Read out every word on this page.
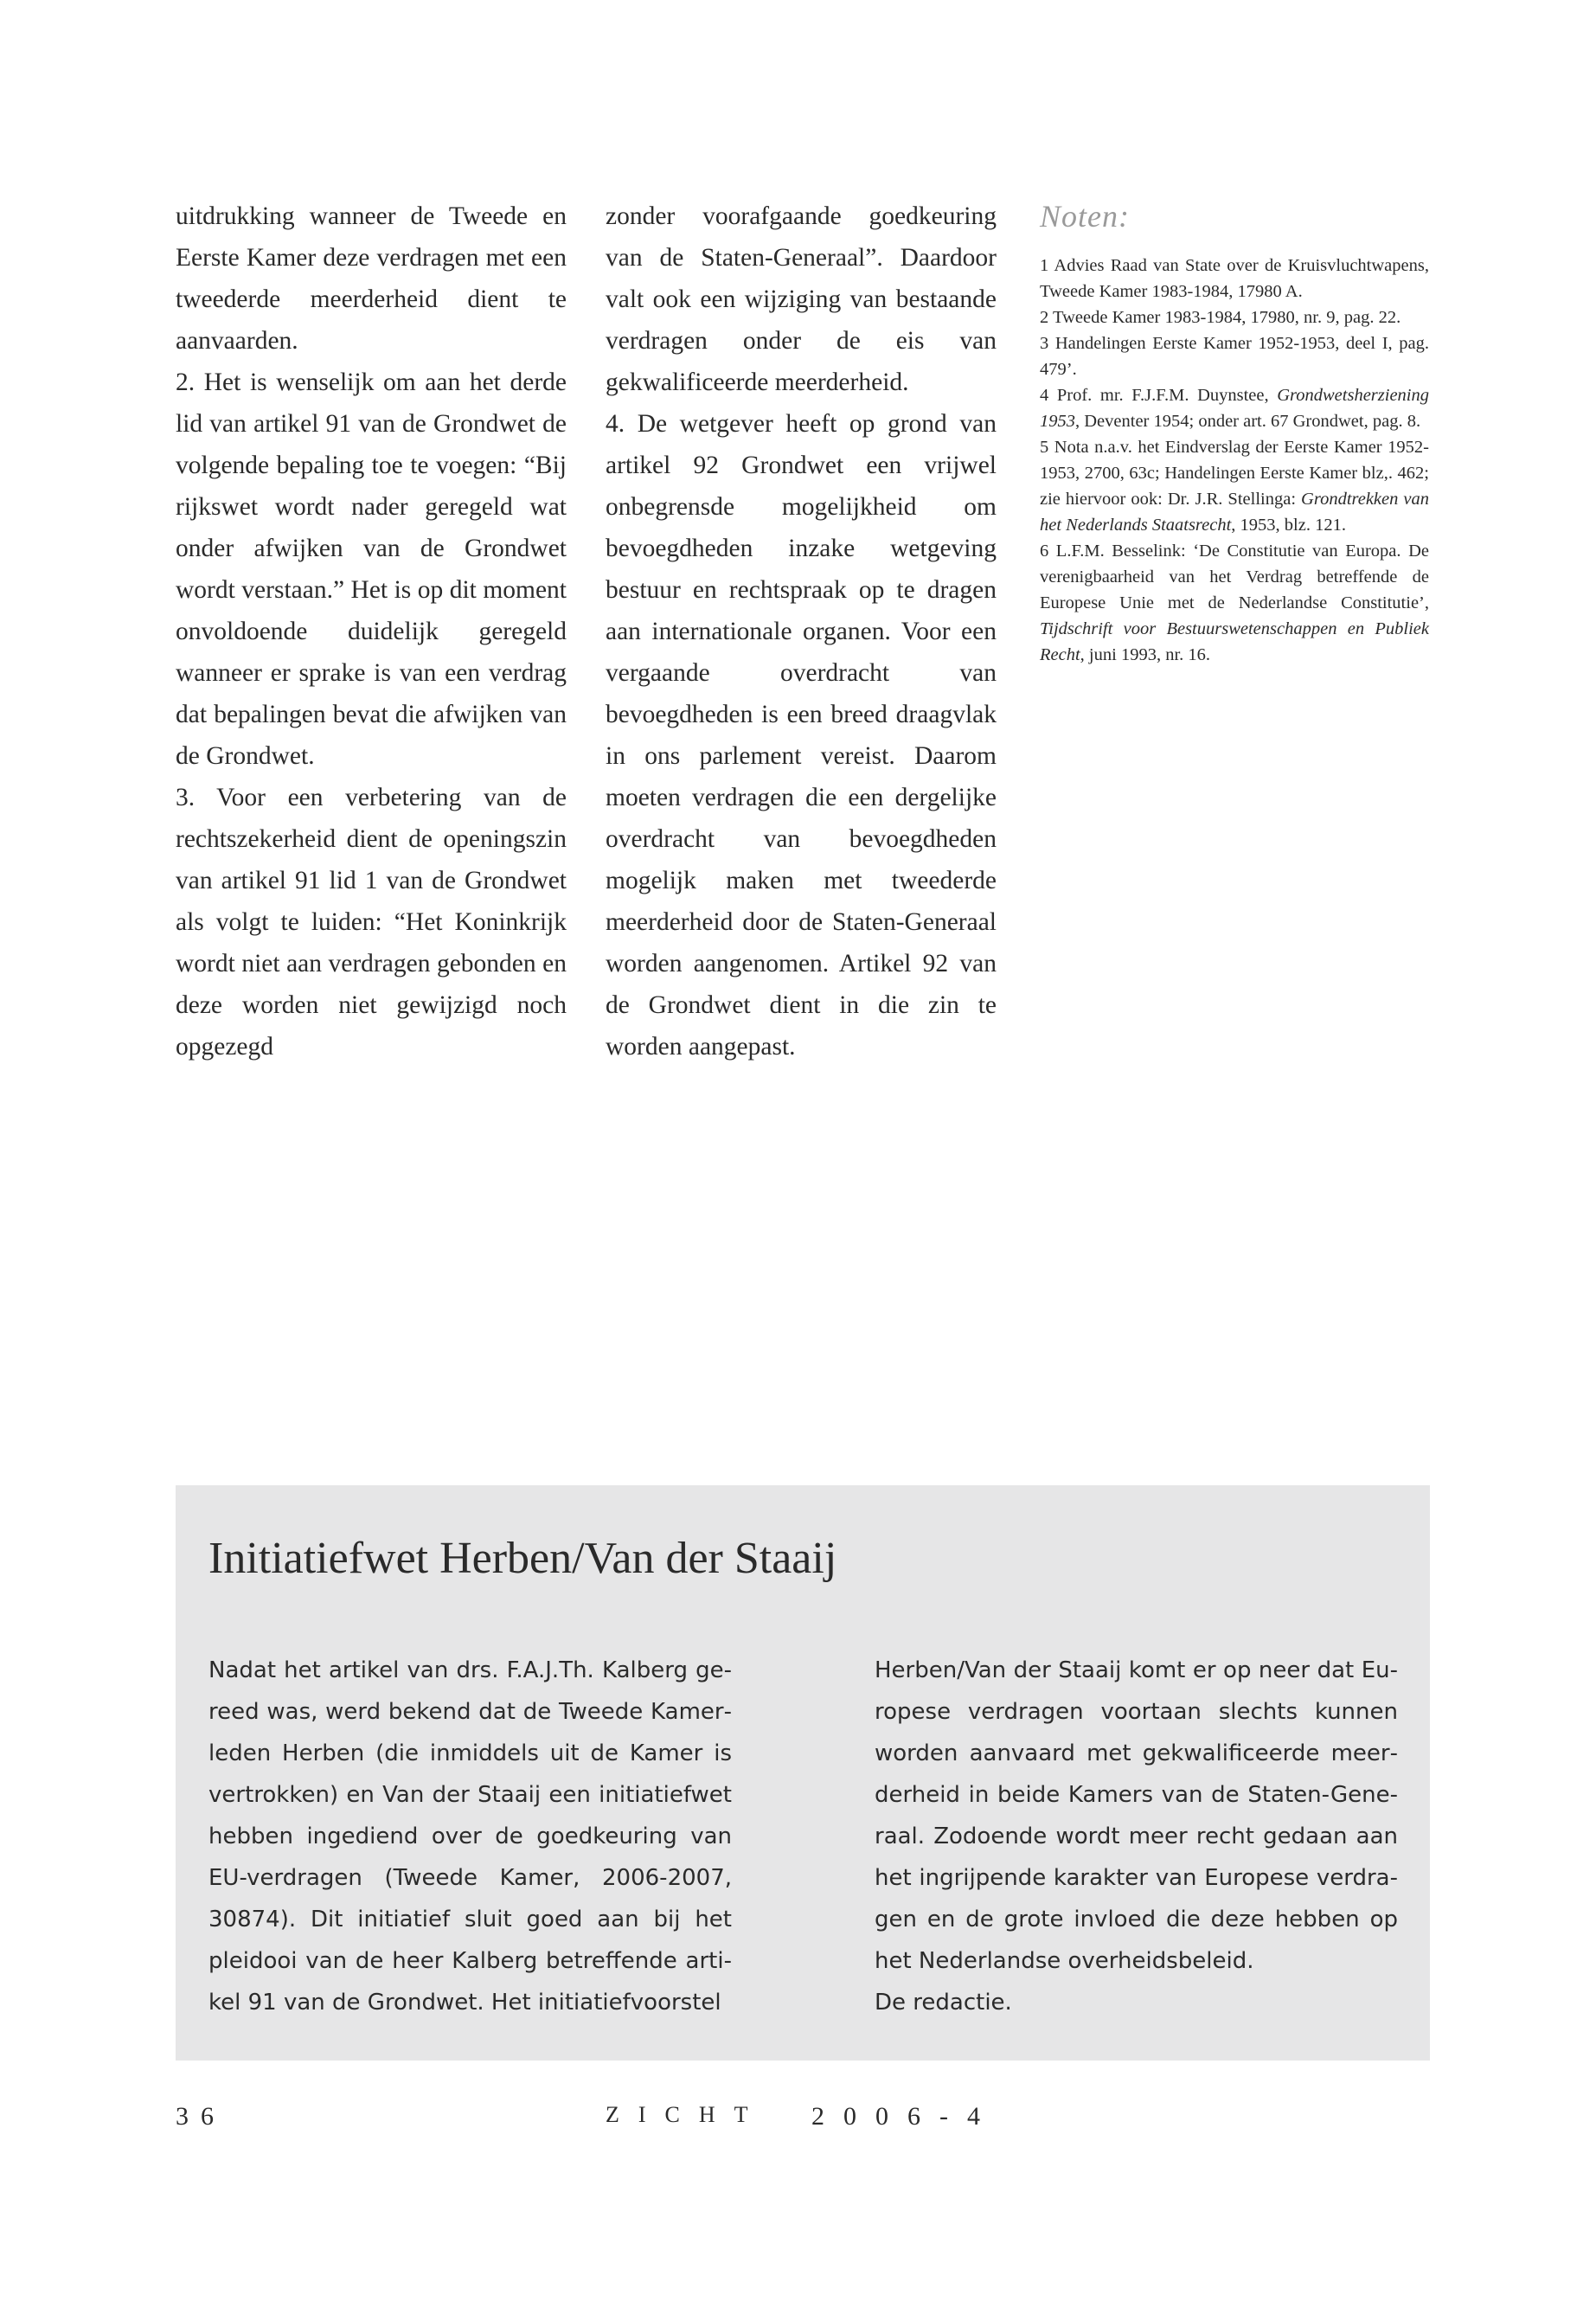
uitdrukking wanneer de Tweede en Eerste Kamer deze verdragen met een tweederde meerderheid dient te aanvaarden.

2. Het is wenselijk om aan het derde lid van artikel 91 van de Grondwet de volgende bepaling toe te voegen: “Bij rijkswet wordt nader geregeld wat onder afwijken van de Grondwet wordt verstaan.” Het is op dit moment onvoldoende duidelijk geregeld wanneer er sprake is van een verdrag dat bepalingen bevat die afwijken van de Grondwet.

3. Voor een verbetering van de rechtszekerheid dient de openingszin van artikel 91 lid 1 van de Grondwet als volgt te luiden: “Het Koninkrijk wordt niet aan verdragen gebonden en deze worden niet gewijzigd noch opgezegd

zonder voorafgaande goedkeuring van de Staten-Generaal”. Daardoor valt ook een wijziging van bestaande verdragen onder de eis van gekwalificeerde meerderheid.

4. De wetgever heeft op grond van artikel 92 Grondwet een vrijwel onbegrensde mogelijkheid om bevoegdheden inzake wetgeving bestuur en rechtspraak op te dragen aan internationale organen. Voor een vergaande overdracht van bevoegdheden is een breed draagvlak in ons parlement vereist. Daarom moeten verdragen die een dergelijke overdracht van bevoegdheden mogelijk maken met tweederde meerderheid door de Staten-Generaal worden aangenomen. Artikel 92 van de Grondwet dient in die zin te worden aangepast.

Noten:

1 Advies Raad van State over de Kruisvluchtwapens, Tweede Kamer 1983-1984, 17980 A.

2 Tweede Kamer 1983-1984, 17980, nr. 9, pag. 22.

3 Handelingen Eerste Kamer 1952-1953, deel I, pag. 479’.

4 Prof. mr. F.J.F.M. Duynstee, Grondwetsherziening 1953, Deventer 1954; onder art. 67 Grondwet, pag. 8.

5 Nota n.a.v. het Eindverslag der Eerste Kamer 1952-1953, 2700, 63c; Handelingen Eerste Kamer blz,. 462; zie hiervoor ook: Dr. J.R. Stellinga: Grondtrekken van het Nederlands Staatsrecht, 1953, blz. 121.

6 L.F.M. Besselink: ‘De Constitutie van Europa. De verenigbaarheid van het Verdrag betreffende de Europese Unie met de Nederlandse Constitutie’, Tijdschrift voor Bestuurswetenschappen en Publiek Recht, juni 1993, nr. 16.

Initiatiefwet Herben/Van der Staaij

Nadat het artikel van drs. F.A.J.Th. Kalberg gereed was, werd bekend dat de Tweede Kamerleden Herben (die inmiddels uit de Kamer is vertrokken) en Van der Staaij een initiatiefwet hebben ingediend over de goedkeuring van EU-verdragen (Tweede Kamer, 2006-2007, 30874). Dit initiatief sluit goed aan bij het pleidooi van de heer Kalberg betreffende artikel 91 van de Grondwet. Het initiatiefvoorstel

Herben/Van der Staaij komt er op neer dat Europese verdragen voortaan slechts kunnen worden aanvaard met gekwalificeerde meerderheid in beide Kamers van de Staten-Generaal. Zodoende wordt meer recht gedaan aan het ingrijpende karakter van Europese verdragen en de grote invloed die deze hebben op het Nederlandse overheidsbeleid.

De redactie.

36	ZICHT 2006-4
